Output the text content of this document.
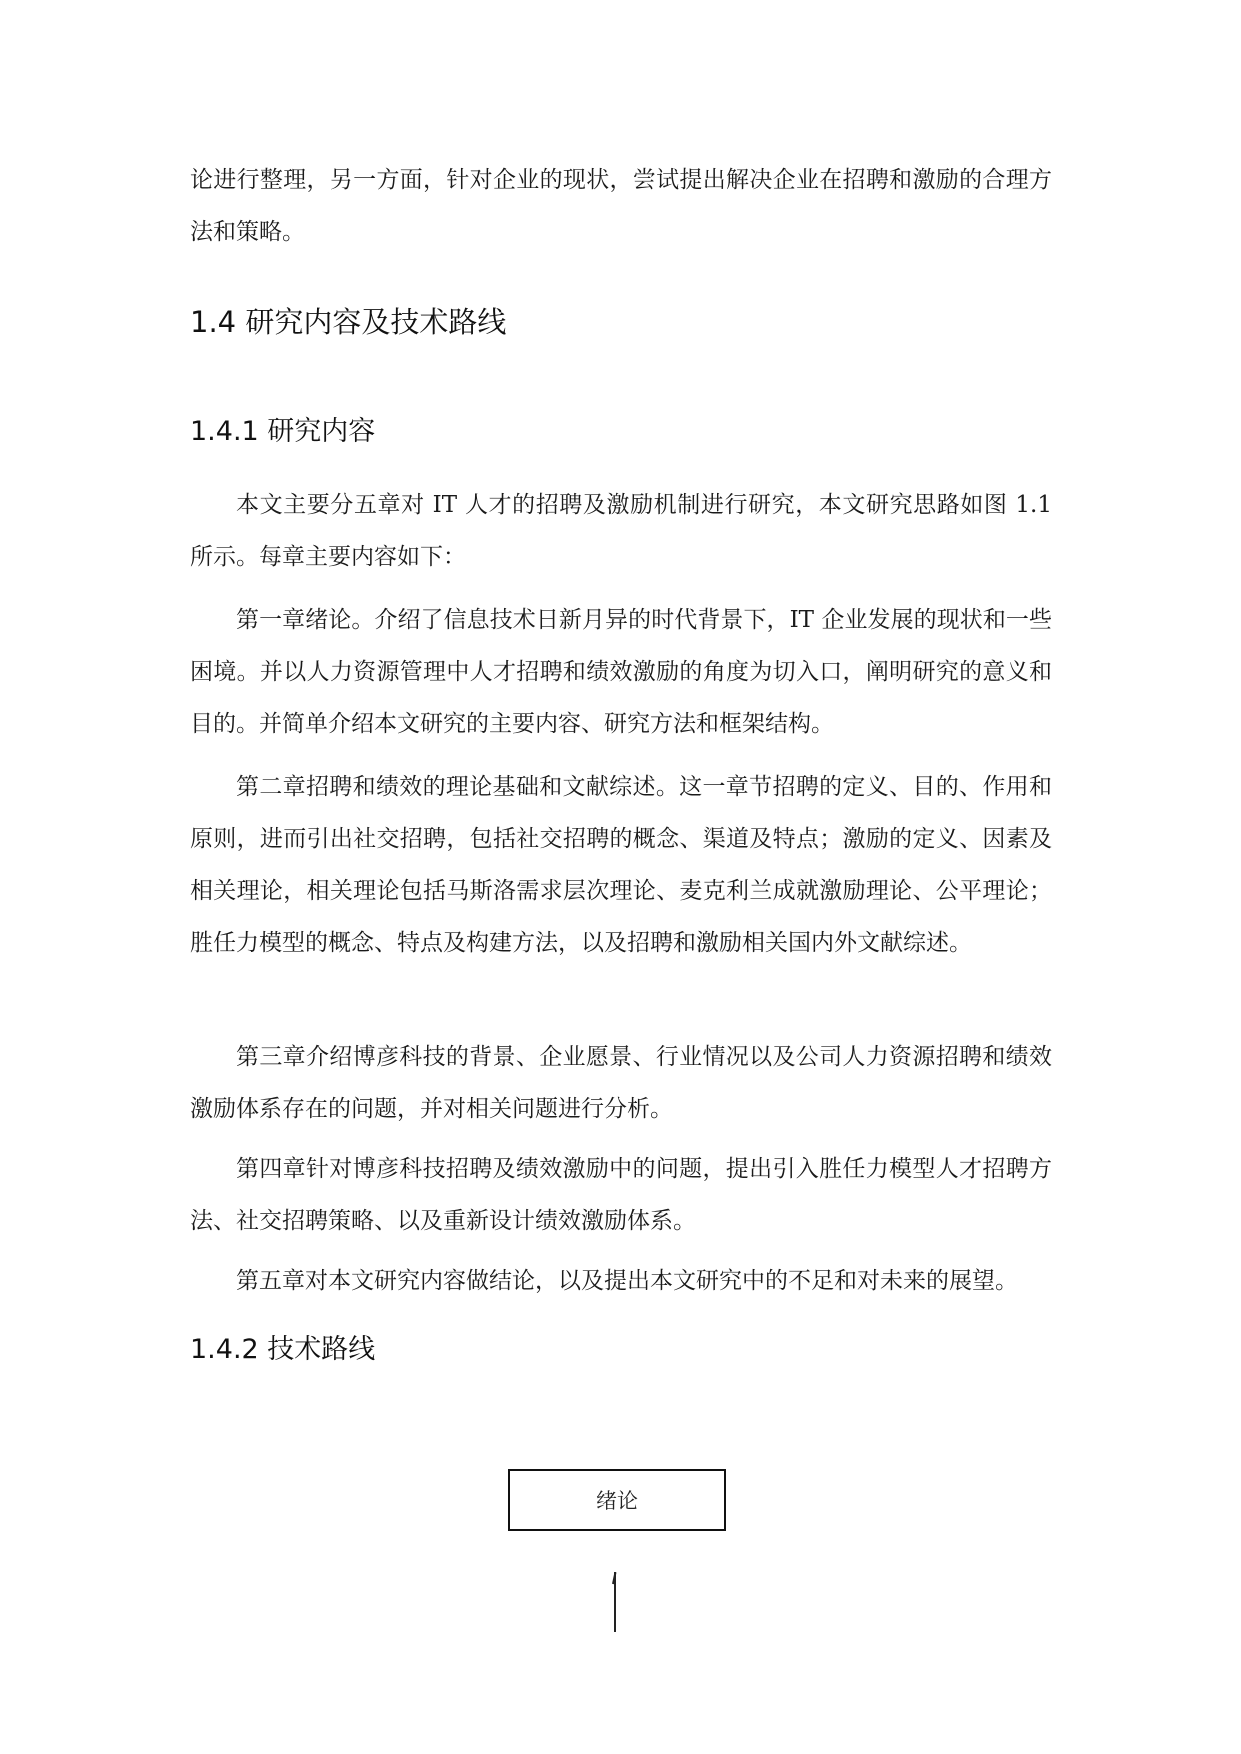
论进行整理，另一方面，针对企业的现状，尝试提出解决企业在招聘和激励的合理方法和策略。

1.4 研究内容及技术路线
1.4.1 研究内容

本文主要分五章对 IT 人才的招聘及激励机制进行研究，本文研究思路如图 1.1 所示。每章主要内容如下：

第一章绪论。介绍了信息技术日新月异的时代背景下，IT 企业发展的现状和一些困境。并以人力资源管理中人才招聘和绩效激励的角度为切入口，阐明研究的意义和目的。并简单介绍本文研究的主要内容、研究方法和框架结构。

第二章招聘和绩效的理论基础和文献综述。这一章节招聘的定义、目的、作用和原则，进而引出社交招聘，包括社交招聘的概念、渠道及特点；激励的定义、因素及相关理论，相关理论包括马斯洛需求层次理论、麦克利兰成就激励理论、公平理论；胜任力模型的概念、特点及构建方法，以及招聘和激励相关国内外文献综述。

第三章介绍博彦科技的背景、企业愿景、行业情况以及公司人力资源招聘和绩效激励体系存在的问题，并对相关问题进行分析。

第四章针对博彦科技招聘及绩效激励中的问题，提出引入胜任力模型人才招聘方法、社交招聘策略、以及重新设计绩效激励体系。

第五章对本文研究内容做结论，以及提出本文研究中的不足和对未来的展望。

1.4.2 技术路线
绪论
